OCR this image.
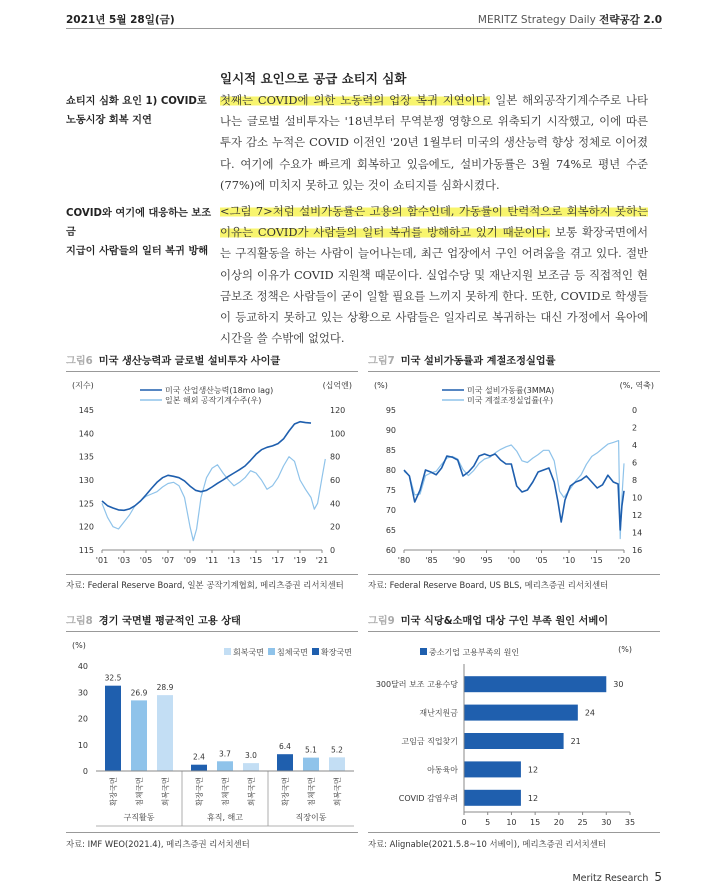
2021년 5월 28일(금)	MERITZ Strategy Daily 전략공감 2.0
일시적 요인으로 공급 쇼티지 심화
쇼티지 심화 요인 1) COVID로
노동시장 회복 지연
첫째는 COVID에 의한 노동력의 업장 복귀 지연이다. 일본 해외공작기계수주로 나타나는 글로벌 설비투자는 '18년부터 무역분쟁 영향으로 위축되기 시작했고, 이에 따른 투자 감소 누적은 COVID 이전인 '20년 1월부터 미국의 생산능력 향상 정체로 이어졌다. 여기에 수요가 빠르게 회복하고 있음에도, 설비가동률은 3월 74%로 평년 수준(77%)에 미치지 못하고 있는 것이 쇼티지를 심화시켰다.
COVID와 여기에 대응하는 보조금
지급이 사람들의 일터 복귀 방해
<그림 7>처럼 설비가동률은 고용의 함수인데, 가동률이 탄력적으로 회복하지 못하는 이유는 COVID가 사람들의 일터 복귀를 방해하고 있기 때문이다. 보통 확장국면에서는 구직활동을 하는 사람이 늘어나는데, 최근 업장에서 구인 어려움을 겪고 있다. 절반 이상의 이유가 COVID 지원책 때문이다. 실업수당 및 재난지원 보조금 등 직접적인 현금보조 정책은 사람들이 굳이 일할 필요를 느끼지 못하게 한다. 또한, COVID로 학생들이 등교하지 못하고 있는 상황으로 사람들은 일자리로 복귀하는 대신 가정에서 육아에 시간을 쓸 수밖에 없었다.
그림6 미국 생산능력과 글로벌 설비투자 사이클
(지수)	(십억엔)
115
120
125
130
135
140
145
0
20
40
60
80
100
120
'01 '03 '05 '07 '09 '11 '13 '15 '17 '19 '21
미국 산업생산능력(18mo lag)
일본 해외 공작기계수주(우)
자료: Federal Reserve Board, 일본 공작기계협회, 메리츠증권 리서치센터
그림7 미국 설비가동률과 계절조정실업률
(%)	(%, 역축)
60
65
70
75
80
85
90
95	0
2
4
6
8
10
12
14
16
'80 '85 '90 '95 '00 '05 '10 '15 '20
미국 설비가동률(3MMA)
미국 계절조정실업률(우)
자료: Federal Reserve Board, US BLS, 메리츠증권 리서치센터
그림8 경기 국면별 평균적인 고용 상태
(%)
0
10
20
30
40
회복국면 침체국면 확장국면
32.5
확장국면
26.9
침체국면
28.9
회복국면
구직활동
2.4
확장국면
3.7
침체국면
3.0
회복국면
휴직, 해고
6.4
확장국면
5.1
침체국면
5.2
회복국면
직장이동
자료: IMF WEO(2021.4), 메리츠증권 리서치센터
그림9 미국 식당&소매업 대상 구인 부족 원인 서베이
(%)
중소기업 고용부족의 원인
30
300달러 보조 고용수당
24
재난지원금
21
고임금 직업찾기
12
아동육아
12
COVID 감염우려
0 5 10 15 20 25 30 35
자료: Alignable(2021.5.8~10 서베이), 메리츠증권 리서치센터
Meritz Research 5
